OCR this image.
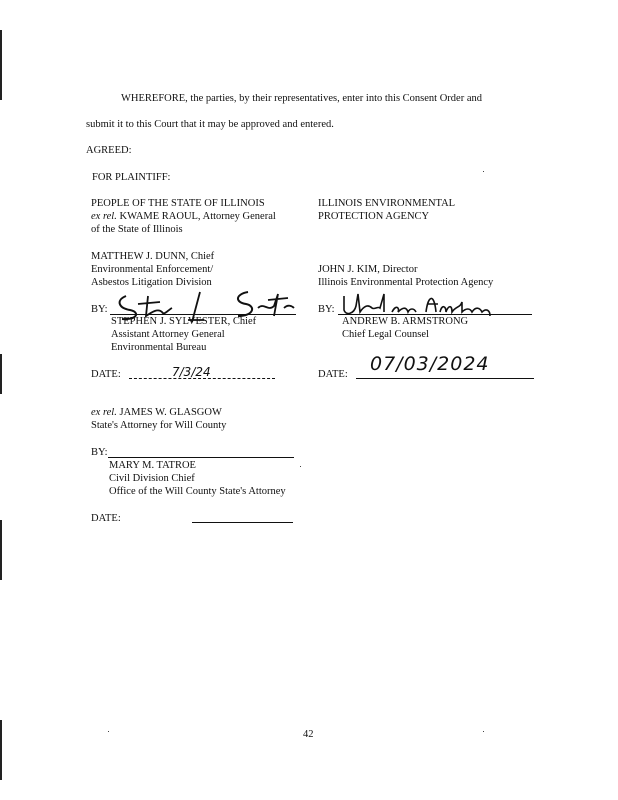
WHEREFORE, the parties, by their representatives, enter into this Consent Order and
submit it to this Court that it may be approved and entered.
AGREED:
FOR PLAINTIFF:
PEOPLE OF THE STATE OF ILLINOIS
ex rel. KWAME RAOUL, Attorney General
of the State of Illinois
MATTHEW J. DUNN, Chief
Environmental Enforcement/
Asbestos Litigation Division
BY:
STEPHEN J. SYLVESTER, Chief
Assistant Attorney General
Environmental Bureau
DATE:	7/3/24
ILLINOIS ENVIRONMENTAL
PROTECTION AGENCY
JOHN J. KIM, Director
Illinois Environmental Protection Agency
BY:
ANDREW B. ARMSTRONG
Chief Legal Counsel
DATE: 07/03/2024
ex rel. JAMES W. GLASGOW
State's Attorney for Will County
BY:
MARY M. TATROE
Civil Division Chief
Office of the Will County State's Attorney
DATE:
42
